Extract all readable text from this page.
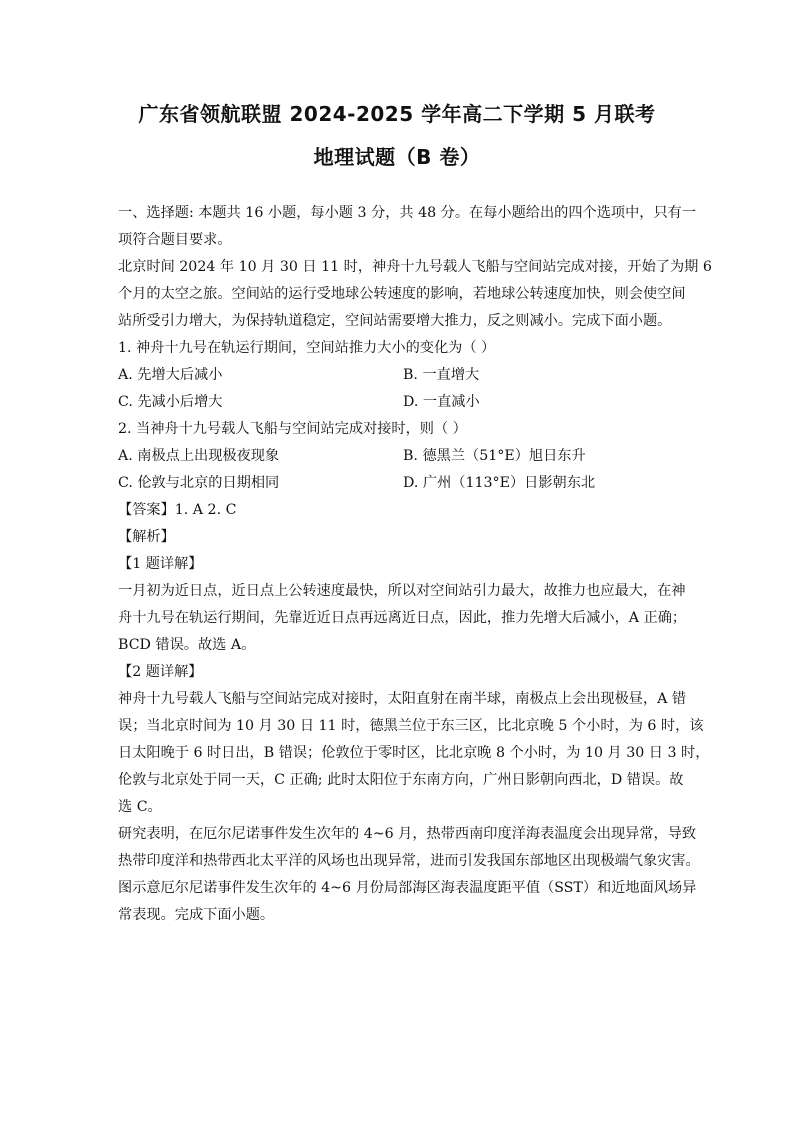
广东省领航联盟 2024-2025 学年高二下学期 5 月联考
地理试题（B 卷）
一、选择题: 本题共 16 小题，每小题 3 分，共 48 分。在每小题给出的四个选项中，只有一
项符合题目要求。
北京时间 2024 年 10 月 30 日 11 时，神舟十九号载人飞船与空间站完成对接，开始了为期 6
个月的太空之旅。空间站的运行受地球公转速度的影响，若地球公转速度加快，则会使空间
站所受引力增大，为保持轨道稳定，空间站需要增大推力，反之则减小。完成下面小题。
1. 神舟十九号在轨运行期间，空间站推力大小的变化为（ ）
A. 先增大后减小	B. 一直增大
C. 先减小后增大	D. 一直减小
2. 当神舟十九号载人飞船与空间站完成对接时，则（ ）
A. 南极点上出现极夜现象	B. 德黑兰（51°E）旭日东升
C. 伦敦与北京的日期相同	D. 广州（113°E）日影朝东北
【答案】1. A 2. C
【解析】
【1 题详解】
一月初为近日点，近日点上公转速度最快，所以对空间站引力最大，故推力也应最大，在神
舟十九号在轨运行期间，先靠近近日点再远离近日点，因此，推力先增大后减小，A 正确；
BCD 错误。故选 A。
【2 题详解】
神舟十九号载人飞船与空间站完成对接时，太阳直射在南半球，南极点上会出现极昼，A 错
误；当北京时间为 10 月 30 日 11 时，德黑兰位于东三区，比北京晚 5 个小时，为 6 时，该
日太阳晚于 6 时日出，B 错误；伦敦位于零时区，比北京晚 8 个小时，为 10 月 30 日 3 时，
伦敦与北京处于同一天，C 正确; 此时太阳位于东南方向，广州日影朝向西北，D 错误。故
选 C。
研究表明，在厄尔尼诺事件发生次年的 4~6 月，热带西南印度洋海表温度会出现异常，导致
热带印度洋和热带西北太平洋的风场也出现异常，进而引发我国东部地区出现极端气象灾害。
图示意厄尔尼诺事件发生次年的 4~6 月份局部海区海表温度距平值（SST）和近地面风场异
常表现。完成下面小题。
